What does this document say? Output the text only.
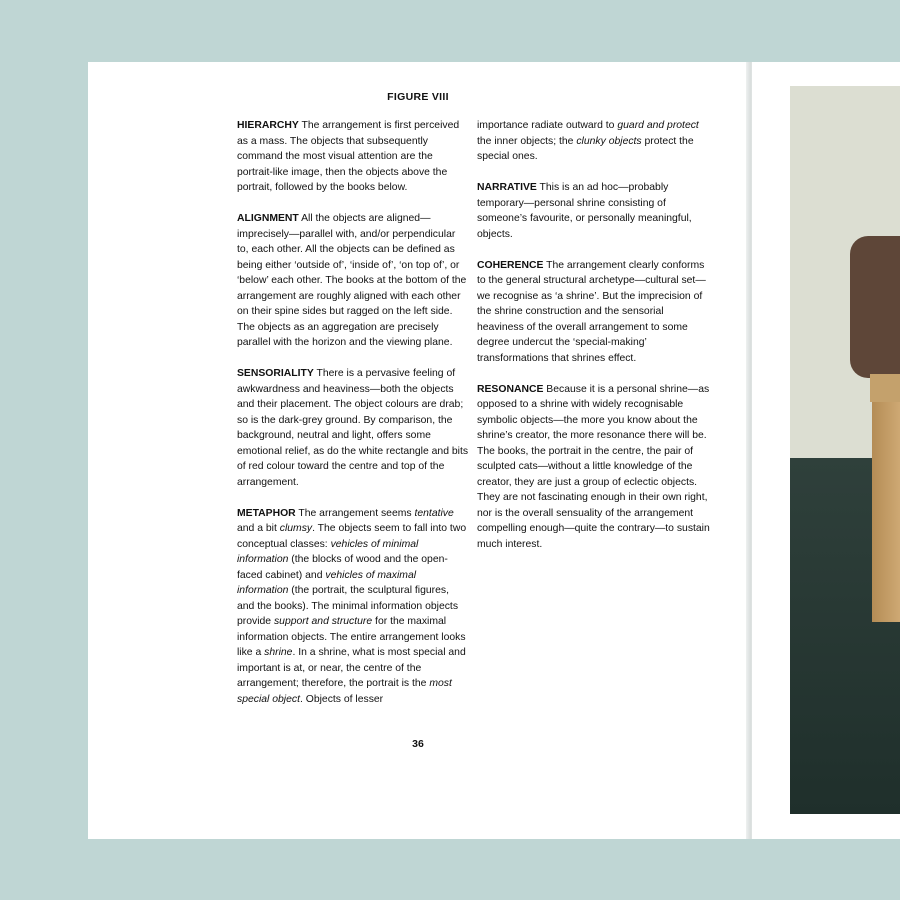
FIGURE VIII

HIERARCHY The arrangement is first perceived as a mass. The objects that subsequently command the most visual attention are the portrait-like image, then the objects above the portrait, followed by the books below.

ALIGNMENT All the objects are aligned—imprecisely—parallel with, and/or perpendicular to, each other. All the objects can be defined as being either ‘outside of’, ‘inside of’, ‘on top of’, or ‘below’ each other. The books at the bottom of the arrangement are roughly aligned with each other on their spine sides but ragged on the left side. The objects as an aggregation are precisely parallel with the horizon and the viewing plane.

SENSORIALITY There is a pervasive feeling of awkwardness and heaviness—both the objects and their placement. The object colours are drab; so is the dark-grey ground. By comparison, the background, neutral and light, offers some emotional relief, as do the white rectangle and bits of red colour toward the centre and top of the arrangement.

METAPHOR The arrangement seems tentative and a bit clumsy. The objects seem to fall into two conceptual classes: vehicles of minimal information (the blocks of wood and the open-faced cabinet) and vehicles of maximal information (the portrait, the sculptural figures, and the books). The minimal information objects provide support and structure for the maximal information objects. The entire arrangement looks like a shrine. In a shrine, what is most special and important is at, or near, the centre of the arrangement; therefore, the portrait is the most special object. Objects of lesser

importance radiate outward to guard and protect the inner objects; the clunky objects protect the special ones.

NARRATIVE This is an ad hoc—probably temporary—personal shrine consisting of someone’s favourite, or personally meaningful, objects.

COHERENCE The arrangement clearly conforms to the general structural archetype—cultural set—we recognise as ‘a shrine’. But the imprecision of the shrine construction and the sensorial heaviness of the overall arrangement to some degree undercut the ‘special-making’ transformations that shrines effect.

RESONANCE Because it is a personal shrine—as opposed to a shrine with widely recognisable symbolic objects—the more you know about the shrine’s creator, the more resonance there will be. The books, the portrait in the centre, the pair of sculpted cats—without a little knowledge of the creator, they are just a group of eclectic objects. They are not fascinating enough in their own right, nor is the overall sensuality of the arrangement compelling enough—quite the contrary—to sustain much interest.

36
